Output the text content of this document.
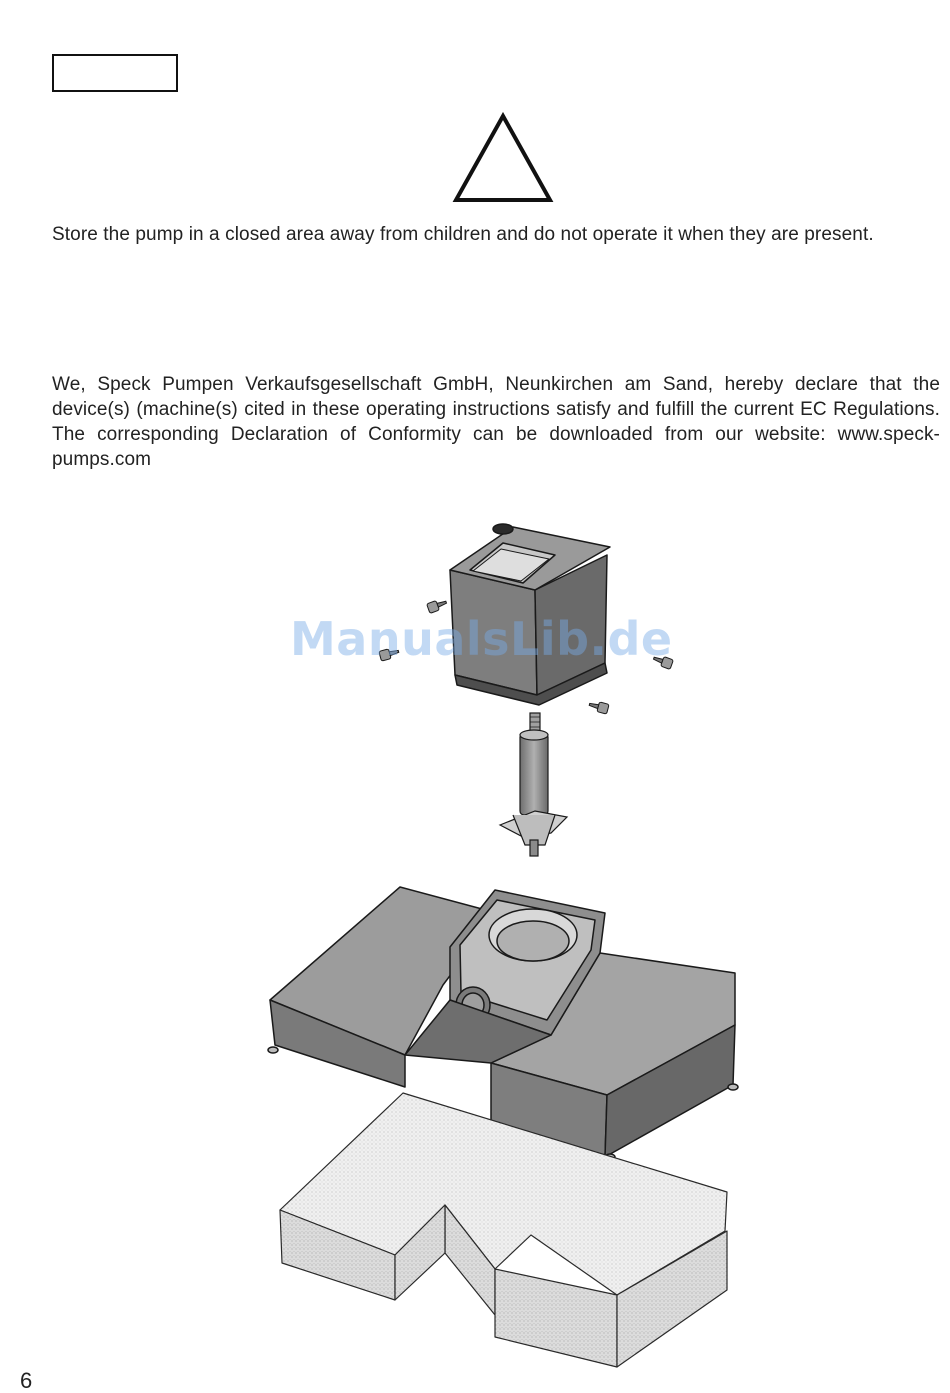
Store the pump in a closed area away from children and do not operate it when they are present.

We, Speck Pumpen Verkaufsgesellschaft GmbH, Neunkirchen am Sand, hereby declare that the device(s) (machine(s) cited in these operating instructions satisfy and fulfill the current EC Regulations. The corresponding Declaration of Conformity can be downloaded from our website: www.speck-pumps.com

ManualsLib.de
6
